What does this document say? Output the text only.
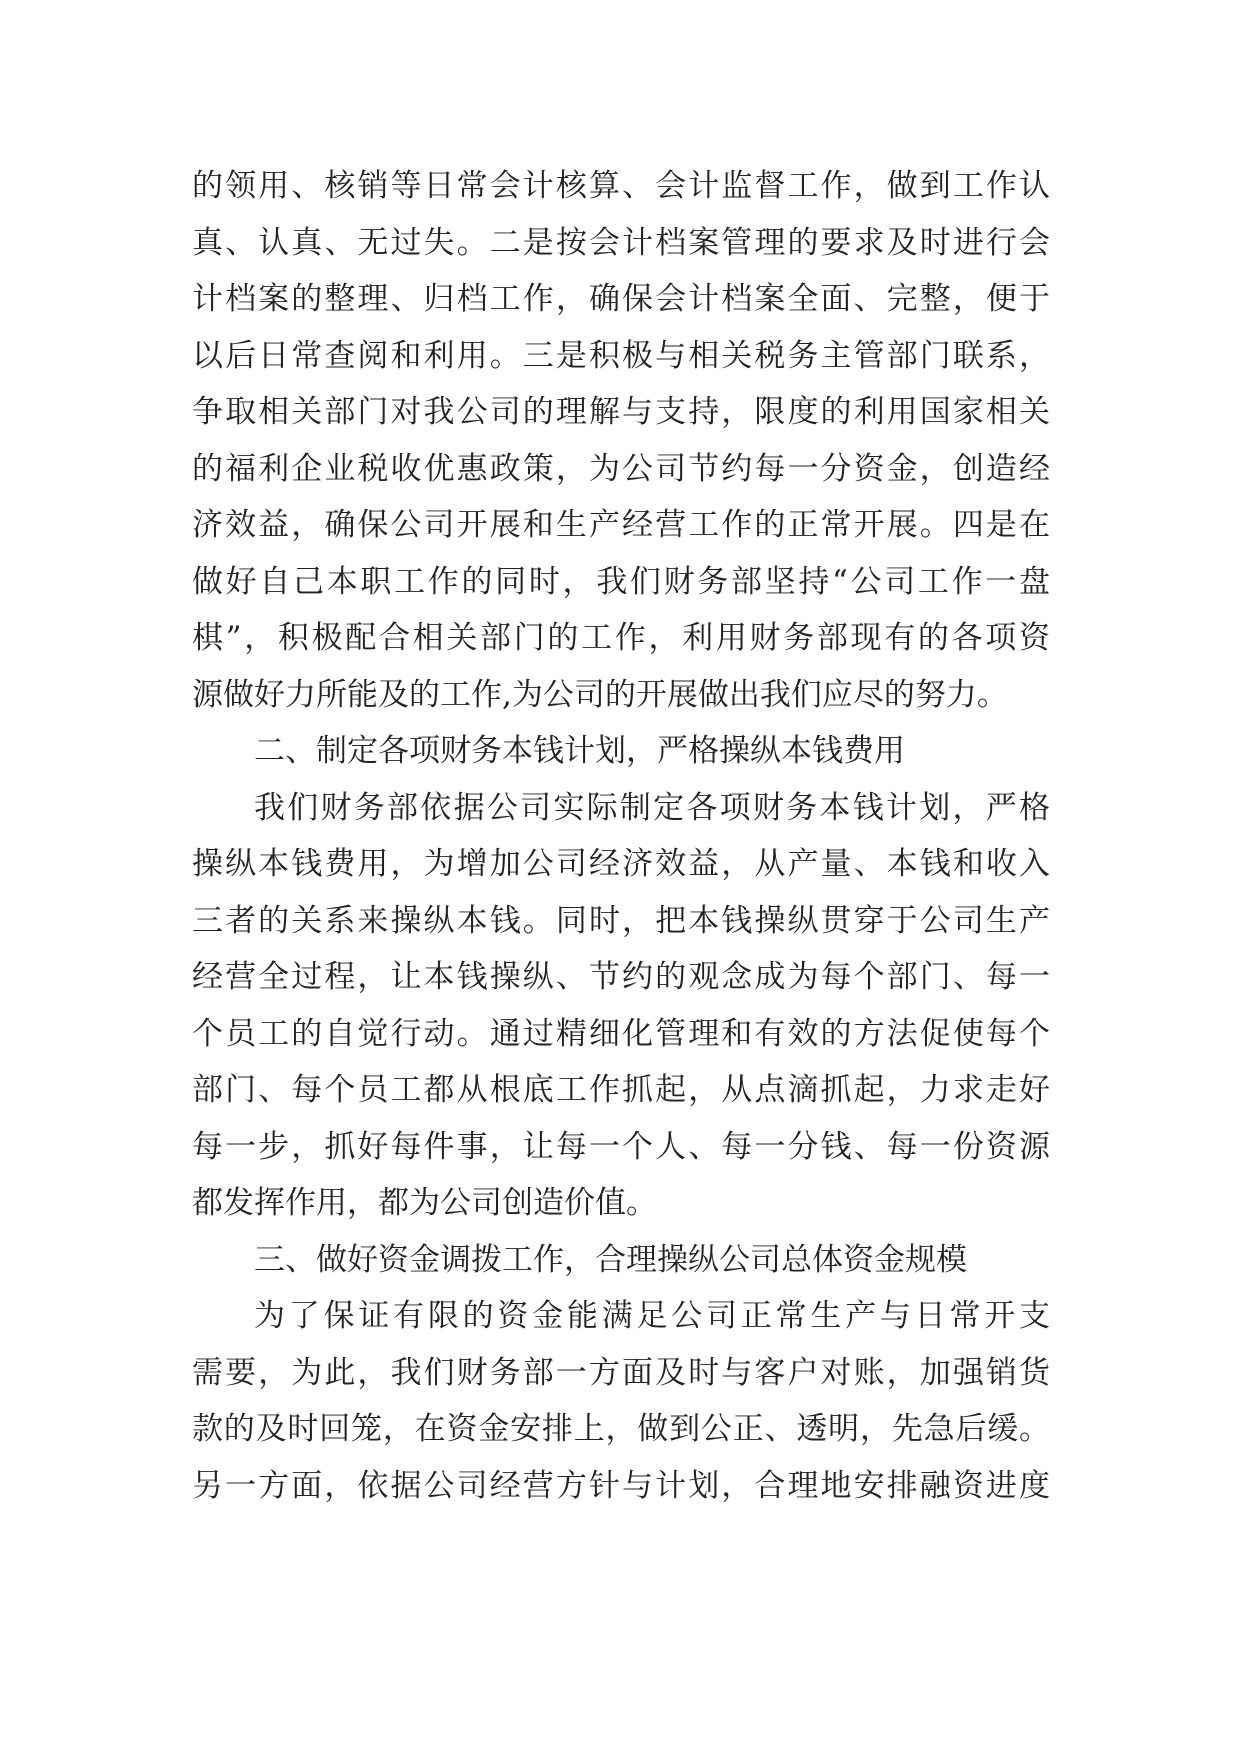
的领用、核销等日常会计核算、会计监督工作，做到工作认
真、认真、无过失。二是按会计档案管理的要求及时进行会
计档案的整理、归档工作，确保会计档案全面、完整，便于
以后日常查阅和利用。三是积极与相关税务主管部门联系，
争取相关部门对我公司的理解与支持，限度的利用国家相关
的福利企业税收优惠政策，为公司节约每一分资金，创造经
济效益，确保公司开展和生产经营工作的正常开展。四是在
做好自己本职工作的同时，我们财务部坚持“公司工作一盘
棋”，积极配合相关部门的工作，利用财务部现有的各项资
源做好力所能及的工作,为公司的开展做出我们应尽的努力。
二、制定各项财务本钱计划，严格操纵本钱费用
我们财务部依据公司实际制定各项财务本钱计划，严格
操纵本钱费用，为增加公司经济效益，从产量、本钱和收入
三者的关系来操纵本钱。同时，把本钱操纵贯穿于公司生产
经营全过程，让本钱操纵、节约的观念成为每个部门、每一
个员工的自觉行动。通过精细化管理和有效的方法促使每个
部门、每个员工都从根底工作抓起，从点滴抓起，力求走好
每一步，抓好每件事，让每一个人、每一分钱、每一份资源
都发挥作用，都为公司创造价值。
三、做好资金调拨工作，合理操纵公司总体资金规模
为了保证有限的资金能满足公司正常生产与日常开支
需要，为此，我们财务部一方面及时与客户对账，加强销货
款的及时回笼，在资金安排上，做到公正、透明，先急后缓。
另一方面，依据公司经营方针与计划，合理地安排融资进度
